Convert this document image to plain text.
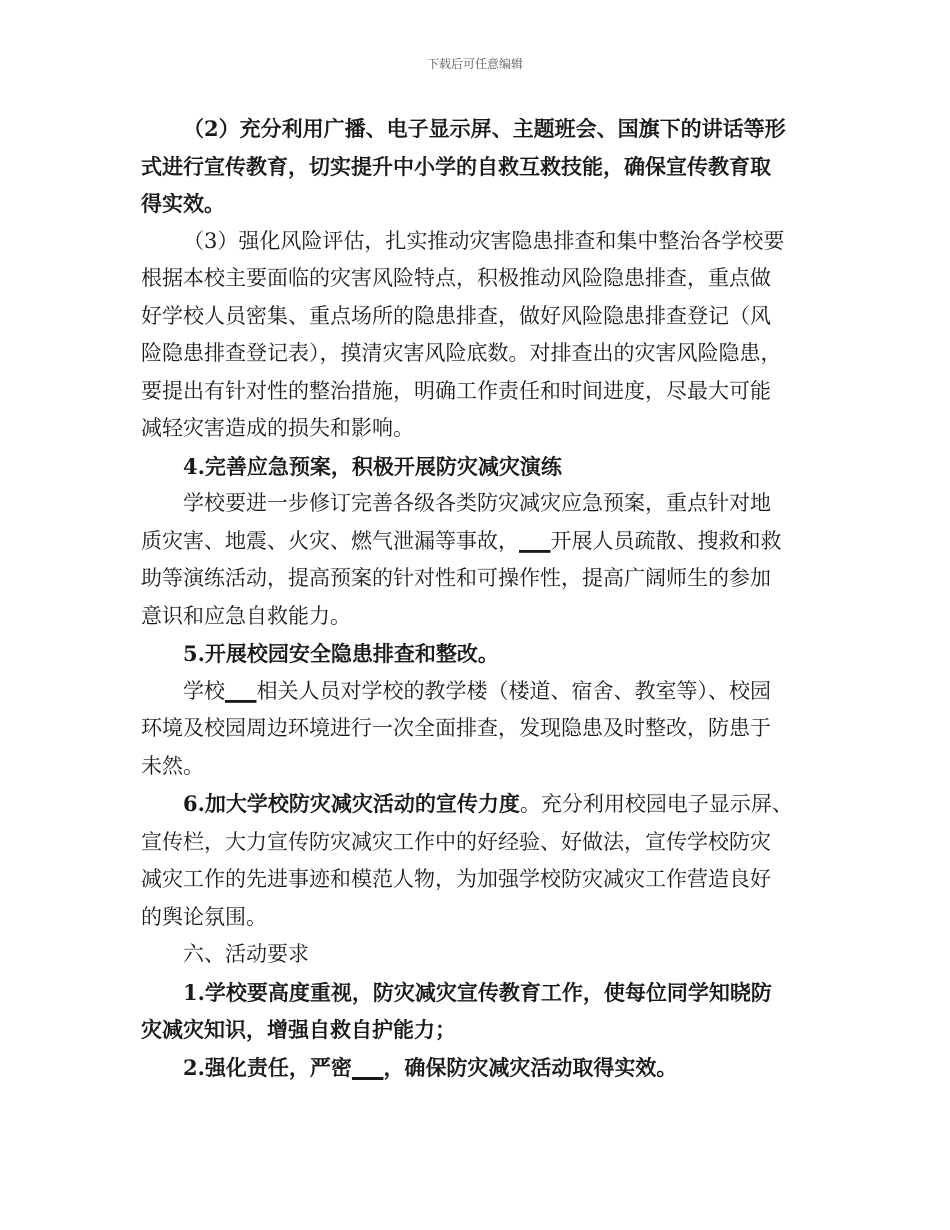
下载后可任意编辑

（2）充分利用广播、电子显示屏、主题班会、国旗下的讲话等形
式进行宣传教育，切实提升中小学的自救互救技能，确保宣传教育取
得实效。

（3）强化风险评估，扎实推动灾害隐患排查和集中整治各学校要
根据本校主要面临的灾害风险特点，积极推动风险隐患排查，重点做
好学校人员密集、重点场所的隐患排查，做好风险隐患排查登记（风
险隐患排查登记表），摸清灾害风险底数。对排查出的灾害风险隐患，
要提出有针对性的整治措施，明确工作责任和时间进度，尽最大可能
减轻灾害造成的损失和影响。

4.完善应急预案，积极开展防灾减灾演练

学校要进一步修订完善各级各类防灾减灾应急预案，重点针对地
质灾害、地震、火灾、燃气泄漏等事故，___开展人员疏散、搜救和救
助等演练活动，提高预案的针对性和可操作性，提高广阔师生的参加
意识和应急自救能力。

5.开展校园安全隐患排查和整改。

学校___相关人员对学校的教学楼（楼道、宿舍、教室等）、校园
环境及校园周边环境进行一次全面排查，发现隐患及时整改，防患于
未然。

6.加大学校防灾减灾活动的宣传力度。充分利用校园电子显示屏、
宣传栏，大力宣传防灾减灾工作中的好经验、好做法，宣传学校防灾
减灾工作的先进事迹和模范人物，为加强学校防灾减灾工作营造良好
的舆论氛围。

六、活动要求

1.学校要高度重视，防灾减灾宣传教育工作，使每位同学知晓防
灾减灾知识，增强自救自护能力；

2.强化责任，严密___，确保防灾减灾活动取得实效。
